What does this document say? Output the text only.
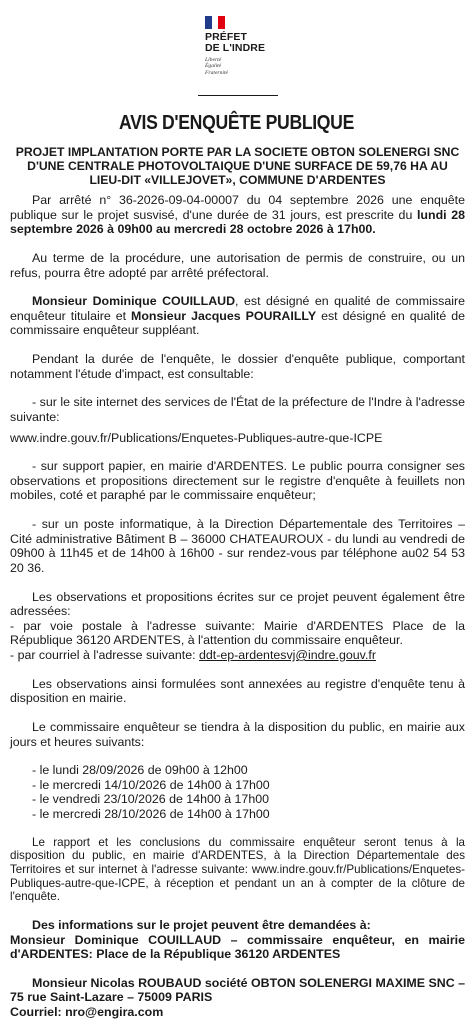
PRÉFET
DE L'INDRE
Liberté
Égalité
Fraternité
AVIS D'ENQUÊTE PUBLIQUE
PROJET IMPLANTATION PORTE PAR LA SOCIETE OBTON SOLENERGI SNC
D'UNE CENTRALE PHOTOVOLTAIQUE D'UNE SURFACE DE 59,76 HA AU
LIEU-DIT «VILLEJOVET», COMMUNE D'ARDENTES

Par arrêté n° 36-2026-09-04-00007 du 04 septembre 2026 une enquête publique sur le projet susvisé, d'une durée de 31 jours, est prescrite du lundi 28 septembre 2026 à 09h00 au mercredi 28 octobre 2026 à 17h00.

Au terme de la procédure, une autorisation de permis de construire, ou un refus, pourra être adopté par arrêté préfectoral.

Monsieur Dominique COUILLAUD, est désigné en qualité de commissaire enquêteur titulaire et Monsieur Jacques POURAILLY est désigné en qualité de commissaire enquêteur suppléant.

Pendant la durée de l'enquête, le dossier d'enquête publique, comportant notamment l'étude d'impact, est consultable:

- sur le site internet des services de l'État de la préfecture de l'Indre à l'adresse suivante:
www.indre.gouv.fr/Publications/Enquetes-Publiques-autre-que-ICPE

- sur support papier, en mairie d'ARDENTES. Le public pourra consigner ses observations et propositions directement sur le registre d'enquête à feuillets non mobiles, coté et paraphé par le commissaire enquêteur;

- sur un poste informatique, à la Direction Départementale des Territoires – Cité administrative Bâtiment B – 36000 CHATEAUROUX - du lundi au vendredi de 09h00 à 11h45 et de 14h00 à 16h00 - sur rendez-vous par téléphone au02 54 53 20 36.

Les observations et propositions écrites sur ce projet peuvent également être adressées:
- par voie postale à l'adresse suivante: Mairie d'ARDENTES Place de la République 36120 ARDENTES, à l'attention du commissaire enquêteur.
- par courriel à l'adresse suivante: ddt-ep-ardentesvj@indre.gouv.fr

Les observations ainsi formulées sont annexées au registre d'enquête tenu à disposition en mairie.

Le commissaire enquêteur se tiendra à la disposition du public, en mairie aux jours et heures suivants:

- le lundi 28/09/2026 de 09h00 à 12h00
- le mercredi 14/10/2026 de 14h00 à 17h00
- le vendredi 23/10/2026 de 14h00 à 17h00
- le mercredi 28/10/2026 de 14h00 à 17h00

Le rapport et les conclusions du commissaire enquêteur seront tenus à la disposition du public, en mairie d'ARDENTES, à la Direction Départementale des Territoires et sur internet à l'adresse suivante: www.indre.gouv.fr/Publications/Enquetes-Publiques-autre-que-ICPE, à réception et pendant un an à compter de la clôture de l'enquête.

Des informations sur le projet peuvent être demandées à:
Monsieur Dominique COUILLAUD – commissaire enquêteur, en mairie d'ARDENTES: Place de la République 36120 ARDENTES

Monsieur Nicolas ROUBAUD société OBTON SOLENERGI MAXIME SNC – 75 rue Saint-Lazare – 75009 PARIS
Courriel: nro@engira.com
